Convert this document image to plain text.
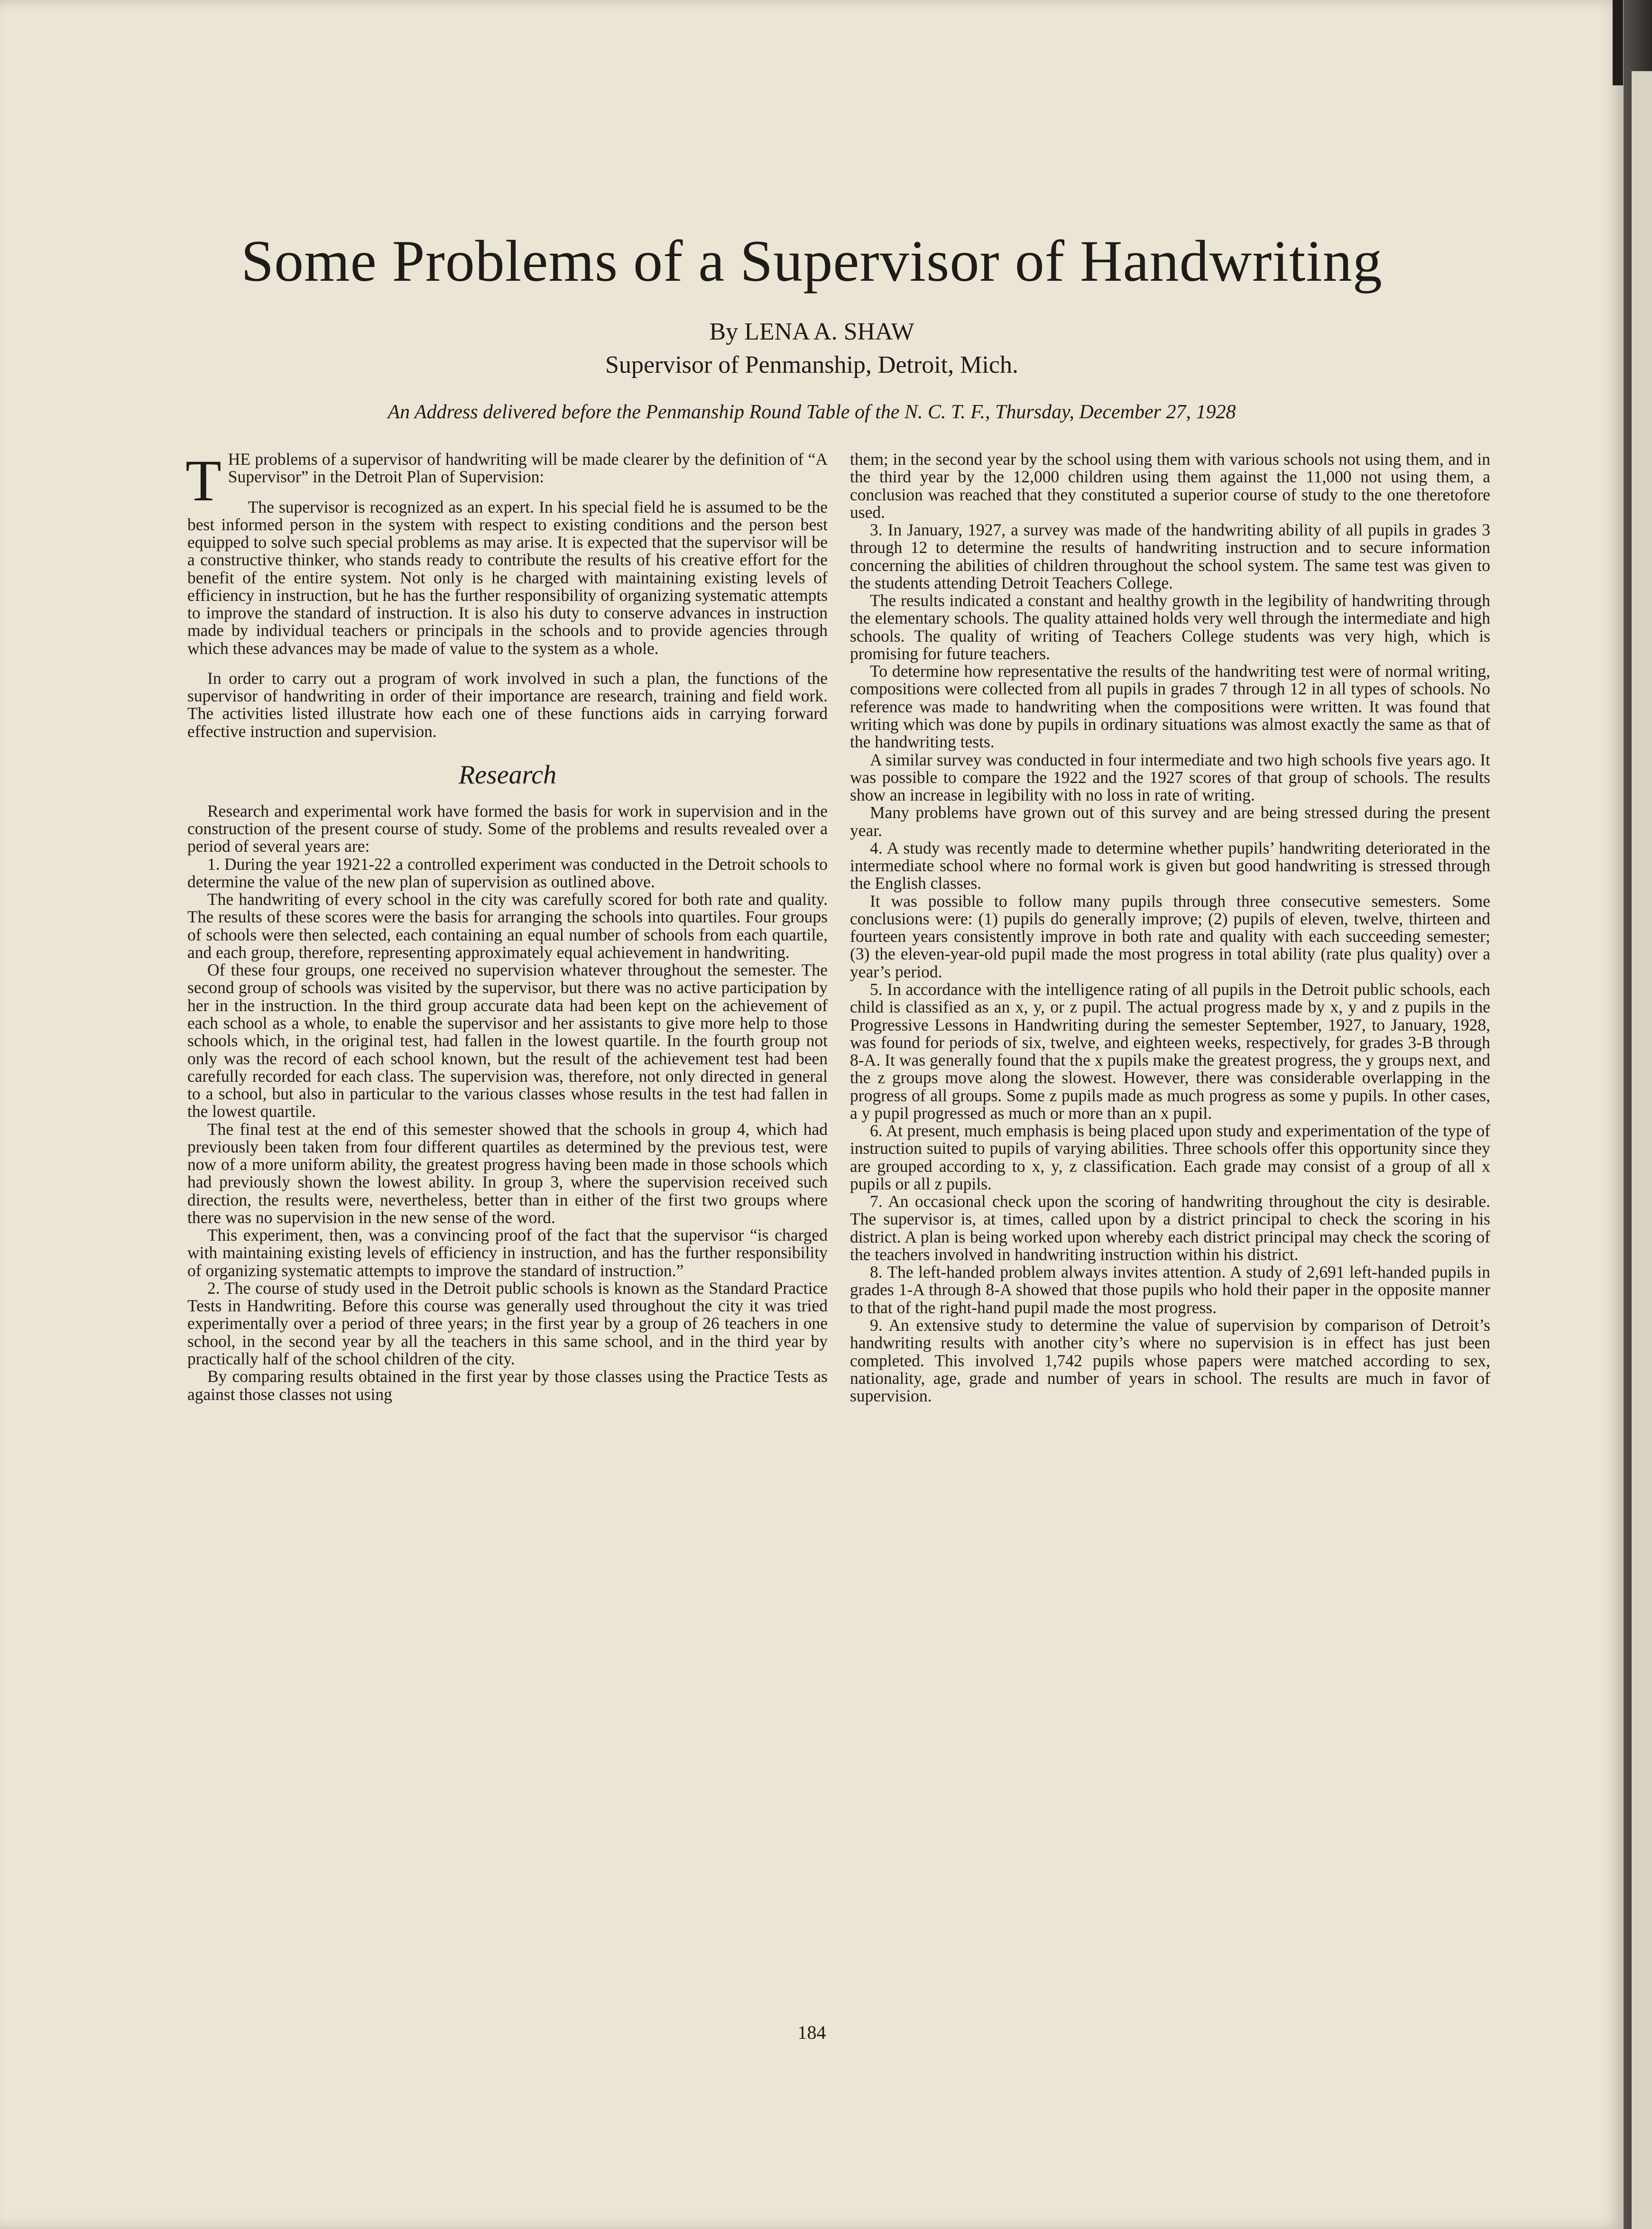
Some Problems of a Supervisor of Handwriting
By LENA A. SHAW
Supervisor of Penmanship, Detroit, Mich.
An Address delivered before the Penmanship Round Table of the N. C. T. F., Thursday, December 27, 1928

THE problems of a supervisor of handwriting will be made clearer by the definition of “A Supervisor” in the Detroit Plan of Supervision:

The supervisor is recognized as an expert. In his special field he is assumed to be the best informed person in the system with respect to existing conditions and the person best equipped to solve such special problems as may arise. It is expected that the supervisor will be a constructive thinker, who stands ready to contribute the results of his creative effort for the benefit of the entire system. Not only is he charged with maintaining existing levels of efficiency in instruction, but he has the further responsibility of organizing systematic attempts to improve the standard of instruction. It is also his duty to conserve advances in instruction made by individual teachers or principals in the schools and to provide agencies through which these advances may be made of value to the system as a whole.

In order to carry out a program of work involved in such a plan, the functions of the supervisor of handwriting in order of their importance are research, training and field work. The activities listed illustrate how each one of these functions aids in carrying forward effective instruction and supervision.

Research

Research and experimental work have formed the basis for work in supervision and in the construction of the present course of study. Some of the problems and results revealed over a period of several years are:

1. During the year 1921-22 a controlled experiment was conducted in the Detroit schools to determine the value of the new plan of supervision as outlined above.

The handwriting of every school in the city was carefully scored for both rate and quality. The results of these scores were the basis for arranging the schools into quartiles. Four groups of schools were then selected, each containing an equal number of schools from each quartile, and each group, therefore, representing approximately equal achievement in handwriting.

Of these four groups, one received no supervision whatever throughout the semester. The second group of schools was visited by the supervisor, but there was no active participation by her in the instruction. In the third group accurate data had been kept on the achievement of each school as a whole, to enable the supervisor and her assistants to give more help to those schools which, in the original test, had fallen in the lowest quartile. In the fourth group not only was the record of each school known, but the result of the achievement test had been carefully recorded for each class. The supervision was, therefore, not only directed in general to a school, but also in particular to the various classes whose results in the test had fallen in the lowest quartile.

The final test at the end of this semester showed that the schools in group 4, which had previously been taken from four different quartiles as determined by the previous test, were now of a more uniform ability, the greatest progress having been made in those schools which had previously shown the lowest ability. In group 3, where the supervision received such direction, the results were, nevertheless, better than in either of the first two groups where there was no supervision in the new sense of the word.

This experiment, then, was a convincing proof of the fact that the supervisor “is charged with maintaining existing levels of efficiency in instruction, and has the further responsibility of organizing systematic attempts to improve the standard of instruction.”

2. The course of study used in the Detroit public schools is known as the Standard Practice Tests in Handwriting. Before this course was generally used throughout the city it was tried experimentally over a period of three years; in the first year by a group of 26 teachers in one school, in the second year by all the teachers in this same school, and in the third year by practically half of the school children of the city.

By comparing results obtained in the first year by those classes using the Practice Tests as against those classes not using

them; in the second year by the school using them with various schools not using them, and in the third year by the 12,000 children using them against the 11,000 not using them, a conclusion was reached that they constituted a superior course of study to the one theretofore used.

3. In January, 1927, a survey was made of the handwriting ability of all pupils in grades 3 through 12 to determine the results of handwriting instruction and to secure information concerning the abilities of children throughout the school system. The same test was given to the students attending Detroit Teachers College.

The results indicated a constant and healthy growth in the legibility of handwriting through the elementary schools. The quality attained holds very well through the intermediate and high schools. The quality of writing of Teachers College students was very high, which is promising for future teachers.

To determine how representative the results of the handwriting test were of normal writing, compositions were collected from all pupils in grades 7 through 12 in all types of schools. No reference was made to handwriting when the compositions were written. It was found that writing which was done by pupils in ordinary situations was almost exactly the same as that of the handwriting tests.

A similar survey was conducted in four intermediate and two high schools five years ago. It was possible to compare the 1922 and the 1927 scores of that group of schools. The results show an increase in legibility with no loss in rate of writing.

Many problems have grown out of this survey and are being stressed during the present year.

4. A study was recently made to determine whether pupils’ handwriting deteriorated in the intermediate school where no formal work is given but good handwriting is stressed through the English classes.

It was possible to follow many pupils through three consecutive semesters. Some conclusions were: (1) pupils do generally improve; (2) pupils of eleven, twelve, thirteen and fourteen years consistently improve in both rate and quality with each succeeding semester; (3) the eleven-year-old pupil made the most progress in total ability (rate plus quality) over a year’s period.

5. In accordance with the intelligence rating of all pupils in the Detroit public schools, each child is classified as an x, y, or z pupil. The actual progress made by x, y and z pupils in the Progressive Lessons in Handwriting during the semester September, 1927, to January, 1928, was found for periods of six, twelve, and eighteen weeks, respectively, for grades 3-B through 8-A. It was generally found that the x pupils make the greatest progress, the y groups next, and the z groups move along the slowest. However, there was considerable overlapping in the progress of all groups. Some z pupils made as much progress as some y pupils. In other cases, a y pupil progressed as much or more than an x pupil.

6. At present, much emphasis is being placed upon study and experimentation of the type of instruction suited to pupils of varying abilities. Three schools offer this opportunity since they are grouped according to x, y, z classification. Each grade may consist of a group of all x pupils or all z pupils.

7. An occasional check upon the scoring of handwriting throughout the city is desirable. The supervisor is, at times, called upon by a district principal to check the scoring in his district. A plan is being worked upon whereby each district principal may check the scoring of the teachers involved in handwriting instruction within his district.

8. The left-handed problem always invites attention. A study of 2,691 left-handed pupils in grades 1-A through 8-A showed that those pupils who hold their paper in the opposite manner to that of the right-hand pupil made the most progress.

9. An extensive study to determine the value of supervision by comparison of Detroit’s handwriting results with another city’s where no supervision is in effect has just been completed. This involved 1,742 pupils whose papers were matched according to sex, nationality, age, grade and number of years in school. The results are much in favor of supervision.

184
